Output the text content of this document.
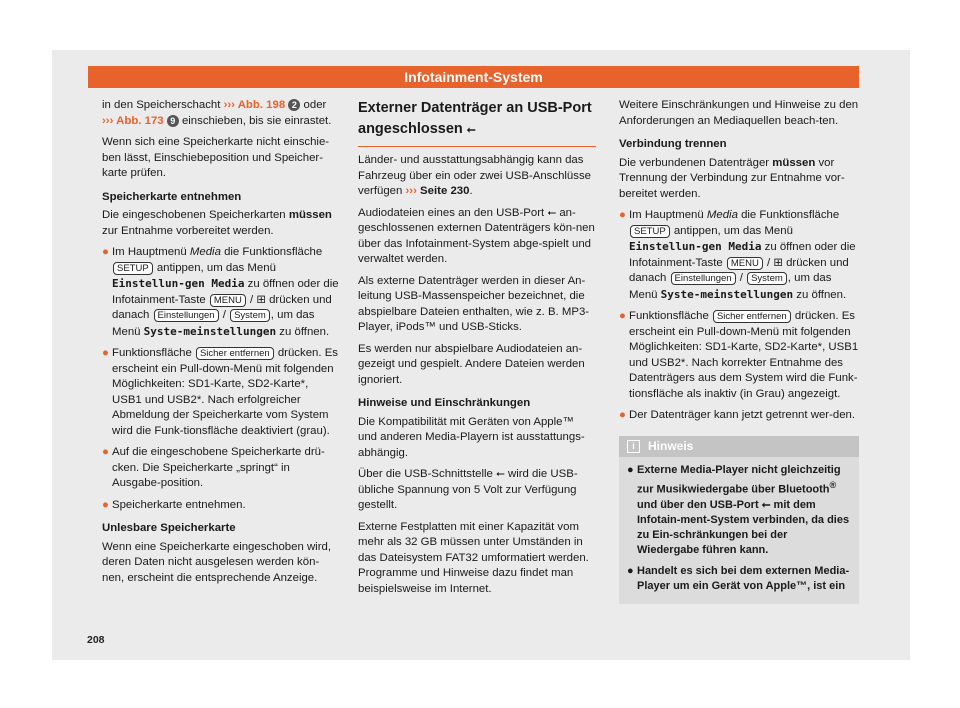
Infotainment-System

in den Speicherschacht ››› Abb. 198 2 oder
››› Abb. 173 9 einschieben, bis sie einrastet.

Wenn sich eine Speicherkarte nicht einschie-ben lässt, Einschiebeposition und Speicher-karte prüfen.

Speicherkarte entnehmen

Die eingeschobenen Speicherkarten müssen zur Entnahme vorbereitet werden.

● Im Hauptmenü Media die Funktionsfläche SETUP antippen, um das Menü Einstellun-gen Media zu öffnen oder die Infotainment-Taste MENU / ⊞ drücken und danach Einstellungen / System , um das Menü Syste-meinstellungen zu öffnen.
● Funktionsfläche Sicher entfernen drücken. Es erscheint ein Pull-down-Menü mit folgenden Möglichkeiten: SD1-Karte, SD2-Karte*, USB1 und USB2*. Nach erfolgreicher Abmeldung der Speicherkarte vom System wird die Funk-tionsfläche deaktiviert (grau).
● Auf die eingeschobene Speicherkarte drü-cken. Die Speicherkarte „springt“ in Ausgabe-position.
● Speicherkarte entnehmen.
Unlesbare Speicherkarte

Wenn eine Speicherkarte eingeschoben wird, deren Daten nicht ausgelesen werden kön-nen, erscheint die entsprechende Anzeige.

Externer Datenträger an USB-Port angeschlossen ⭠

Länder- und ausstattungsabhängig kann das Fahrzeug über ein oder zwei USB-Anschlüsse verfügen ››› Seite 230.

Audiodateien eines an den USB-Port ⭠ an-geschlossenen externen Datenträgers kön-nen über das Infotainment-System abge-spielt und verwaltet werden.

Als externe Datenträger werden in dieser An-leitung USB-Massenspeicher bezeichnet, die abspielbare Dateien enthalten, wie z. B. MP3-Player, iPods™ und USB-Sticks.

Es werden nur abspielbare Audiodateien an-gezeigt und gespielt. Andere Dateien werden ignoriert.

Hinweise und Einschränkungen

Die Kompatibilität mit Geräten von Apple™ und anderen Media-Playern ist ausstattungs-abhängig.

Über die USB-Schnittstelle ⭠ wird die USB-übliche Spannung von 5 Volt zur Verfügung gestellt.

Externe Festplatten mit einer Kapazität vom mehr als 32 GB müssen unter Umständen in das Dateisystem FAT32 umformatiert werden. Programme und Hinweise dazu findet man beispielsweise im Internet.

Weitere Einschränkungen und Hinweise zu den Anforderungen an Mediaquellen beach-ten.

Verbindung trennen

Die verbundenen Datenträger müssen vor Trennung der Verbindung zur Entnahme vor-bereitet werden.

● Im Hauptmenü Media die Funktionsfläche SETUP antippen, um das Menü Einstellun-gen Media zu öffnen oder die Infotainment-Taste MENU / ⊞ drücken und danach Einstellungen / System , um das Menü Syste-meinstellungen zu öffnen.
● Funktionsfläche Sicher entfernen drücken. Es erscheint ein Pull-down-Menü mit folgenden Möglichkeiten: SD1-Karte, SD2-Karte*, USB1 und USB2*. Nach korrekter Entnahme des Datenträgers aus dem System wird die Funk-tionsfläche als inaktiv (in Grau) angezeigt.
● Der Datenträger kann jetzt getrennt wer-den.
i	Hinweis
● Externe Media-Player nicht gleichzeitig zur Musikwiedergabe über Bluetooth® und über den USB-Port ⭠ mit dem Infotain-ment-System verbinden, da dies zu Ein-schränkungen bei der Wiedergabe führen kann.
● Handelt es sich bei dem externen Media-Player um ein Gerät von Apple™, ist ein
208
